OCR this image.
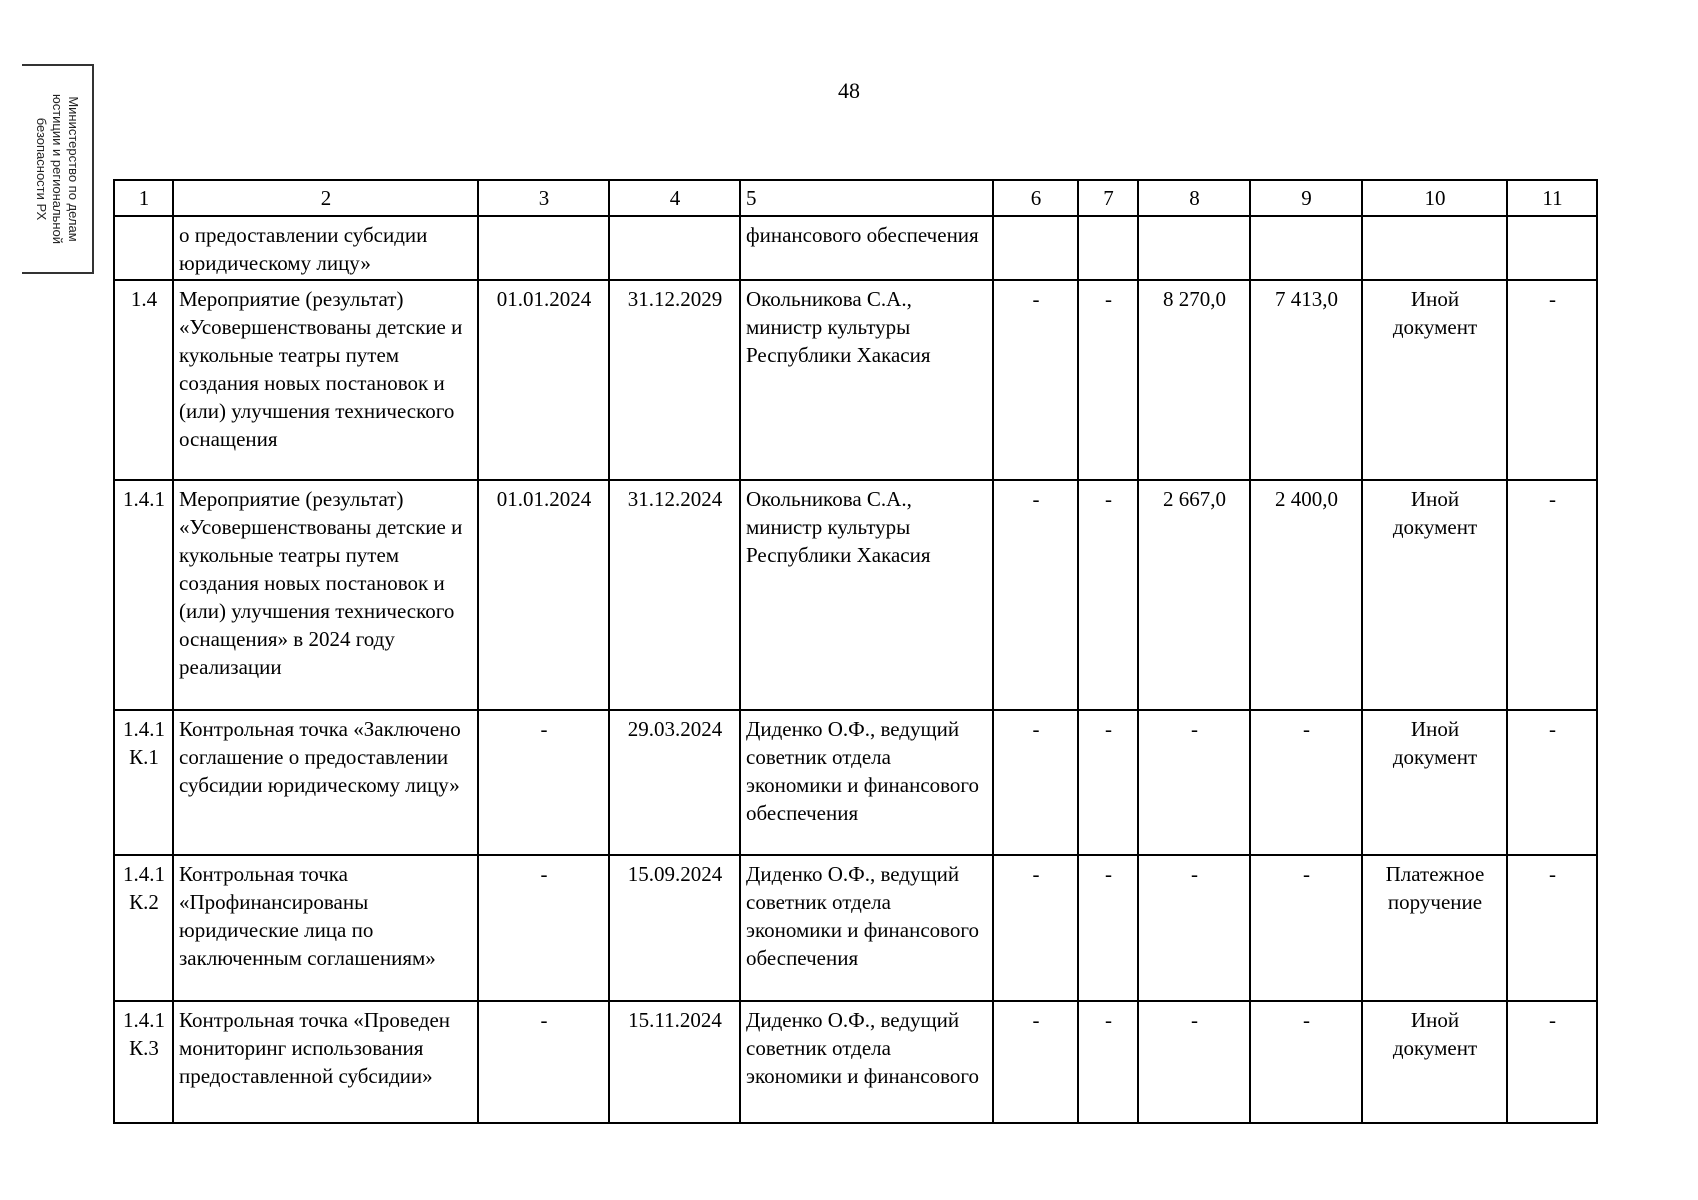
Министерство по делам
юстиции и региональной
безопасности РХ
48
1	2	3	4	5	6	7	8	9	10	11
	о предоставлении субсидии юридическому лицу»			финансового обеспечения						
1.4	Мероприятие (результат) «Усовершенствованы детские и кукольные театры путем создания новых постановок и (или) улучшения технического оснащения	01.01.2024	31.12.2029	Окольникова С.А., министр культуры Республики Хакасия	-	-	8 270,0	7 413,0	Иной документ	-
1.4.1	Мероприятие (результат) «Усовершенствованы детские и кукольные театры путем создания новых постановок и (или) улучшения технического оснащения» в 2024 году реализации	01.01.2024	31.12.2024	Окольникова С.А., министр культуры Республики Хакасия	-	-	2 667,0	2 400,0	Иной документ	-
1.4.1 К.1	Контрольная точка «Заключено соглашение о предоставлении субсидии юридическому лицу»	-	29.03.2024	Диденко О.Ф., ведущий советник отдела экономики и финансового обеспечения	-	-	-	-	Иной документ	-
1.4.1 К.2	Контрольная точка «Профинансированы юридические лица по заключенным соглашениям»	-	15.09.2024	Диденко О.Ф., ведущий советник отдела экономики и финансового обеспечения	-	-	-	-	Платежное поручение	-
1.4.1 К.3	Контрольная точка «Проведен мониторинг использования предоставленной субсидии»	-	15.11.2024	Диденко О.Ф., ведущий советник отдела экономики и финансового	-	-	-	-	Иной документ	-
